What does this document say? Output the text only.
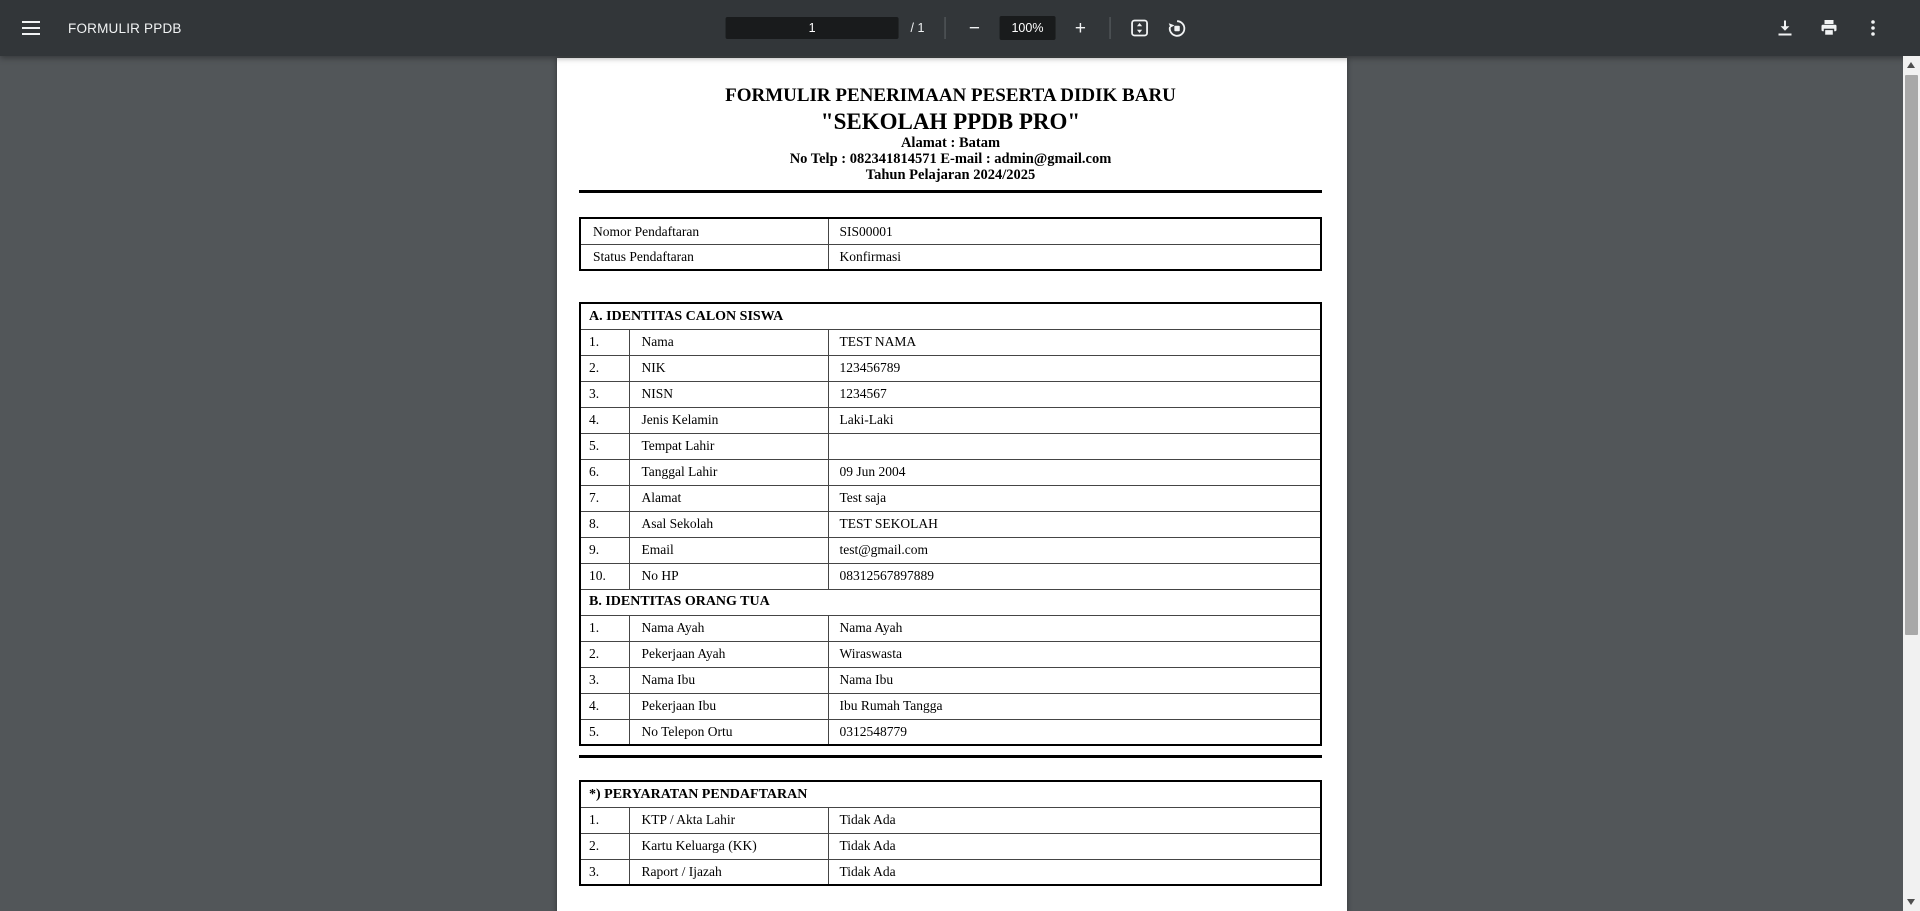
FORMULIR PPDB
1	/ 1 −	100%	+
FORMULIR PENERIMAAN PESERTA DIDIK BARU
"SEKOLAH PPDB PRO"
Alamat : Batam
No Telp : 082341814571 E-mail : admin@gmail.com
Tahun Pelajaran 2024/2025
Nomor Pendaftaran	SIS00001
Status Pendaftaran	Konfirmasi
A. IDENTITAS CALON SISWA		
1.	Nama	TEST NAMA
2.	NIK	123456789
3.	NISN	1234567
4.	Jenis Kelamin	Laki-Laki
5.	Tempat Lahir	
6.	Tanggal Lahir	09 Jun 2004
7.	Alamat	Test saja
8.	Asal Sekolah	TEST SEKOLAH
9.	Email	test@gmail.com
10.	No HP	08312567897889
B. IDENTITAS ORANG TUA		
1.	Nama Ayah	Nama Ayah
2.	Pekerjaan Ayah	Wiraswasta
3.	Nama Ibu	Nama Ibu
4.	Pekerjaan Ibu	Ibu Rumah Tangga
5.	No Telepon Ortu	0312548779
*) PERYARATAN PENDAFTARAN		
1.	KTP / Akta Lahir	Tidak Ada
2.	Kartu Keluarga (KK)	Tidak Ada
3.	Raport / Ijazah	Tidak Ada
